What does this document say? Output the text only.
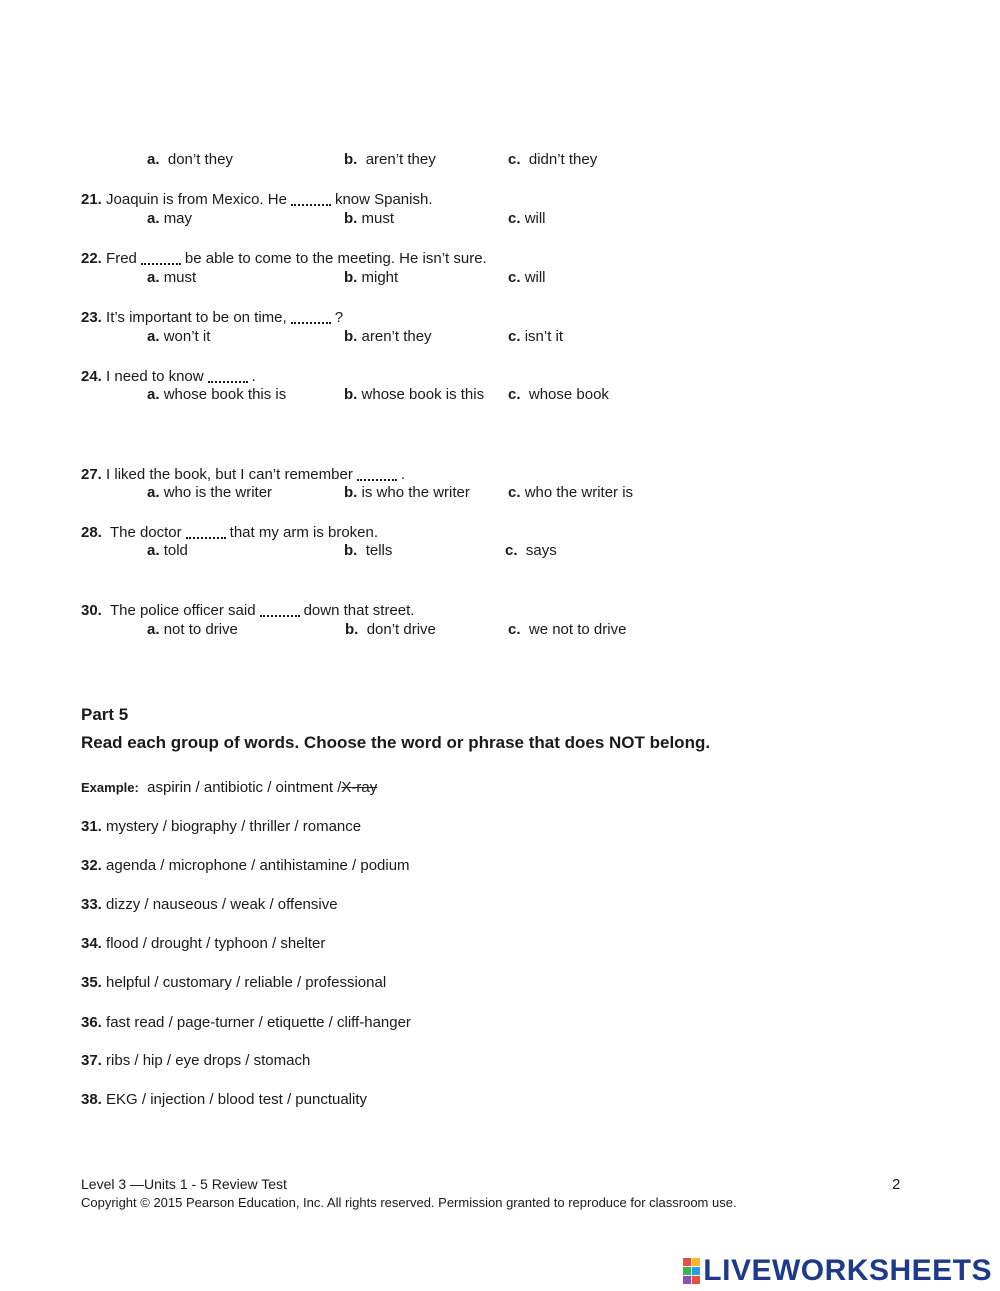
a. don’t they	b. aren’t they	c. didn’t they
21. Joaquin is from Mexico. He	know Spanish.
a. may	b. must	c. will
22. Fred	be able to come to the meeting. He isn’t sure.
a. must	b. might	c. will
23. It’s important to be on time,	?
a. won’t it	b. aren’t they	c. isn’t it
24. I need to know	.
a. whose book this is	b. whose book is this c. whose book
27. I liked the book, but I can’t remember	.
a. who is the writer	b. is who the writer	c. who the writer is
28. The doctor	that my arm is broken.
a. told	b. tells	c. says
30. The police officer said	down that street.
a. not to drive	b. don’t drive	c. we not to drive
Part 5
Read each group of words. Choose the word or phrase that does NOT belong.
Example: aspirin / antibiotic / ointment /X-ray
31. mystery / biography / thriller / romance
32. agenda / microphone / antihistamine / podium
33. dizzy / nauseous / weak / offensive
34. flood / drought / typhoon / shelter
35. helpful / customary / reliable / professional
36. fast read / page-turner / etiquette / cliff-hanger
37. ribs / hip / eye drops / stomach
38. EKG / injection / blood test / punctuality
Level 3 —Units 1 - 5 Review Test	2
Copyright © 2015 Pearson Education, Inc. All rights reserved. Permission granted to reproduce for classroom use.
LIVEWORKSHEETS
